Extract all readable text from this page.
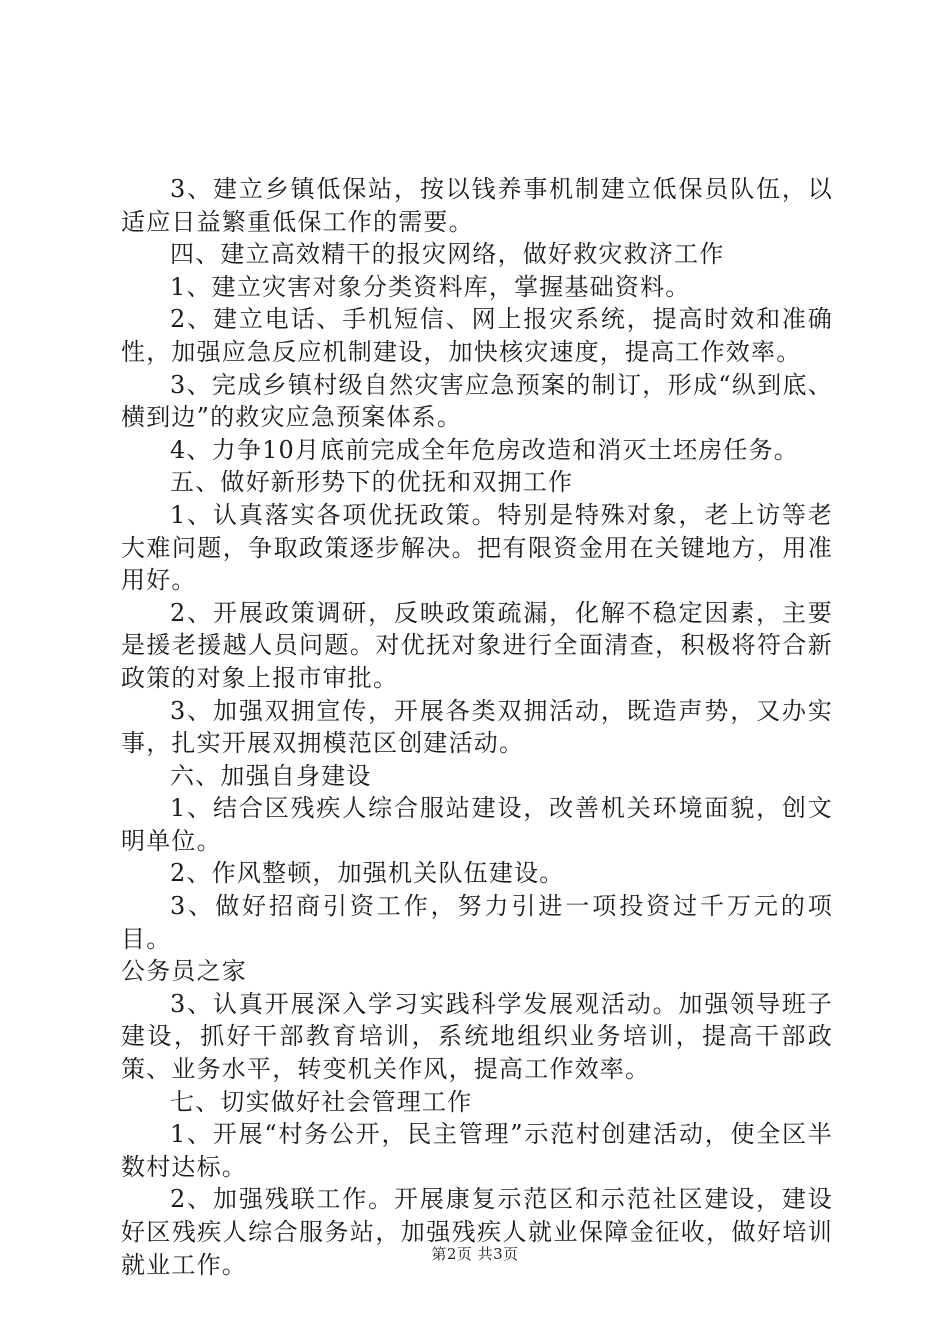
3、建立乡镇低保站，按以钱养事机制建立低保员队伍，以适应日益繁重低保工作的需要。

四、建立高效精干的报灾网络，做好救灾救济工作

1、建立灾害对象分类资料库，掌握基础资料。

2、建立电话、手机短信、网上报灾系统，提高时效和准确性，加强应急反应机制建设，加快核灾速度，提高工作效率。

3、完成乡镇村级自然灾害应急预案的制订，形成“纵到底、横到边”的救灾应急预案体系。

4、力争10月底前完成全年危房改造和消灭土坯房任务。

五、做好新形势下的优抚和双拥工作

1、认真落实各项优抚政策。特别是特殊对象，老上访等老大难问题，争取政策逐步解决。把有限资金用在关键地方，用准用好。

2、开展政策调研，反映政策疏漏，化解不稳定因素，主要是援老援越人员问题。对优抚对象进行全面清查，积极将符合新政策的对象上报市审批。

3、加强双拥宣传，开展各类双拥活动，既造声势，又办实事，扎实开展双拥模范区创建活动。

六、加强自身建设

1、结合区残疾人综合服站建设，改善机关环境面貌，创文明单位。

2、作风整顿，加强机关队伍建设。

3、做好招商引资工作，努力引进一项投资过千万元的项目。

公务员之家

3、认真开展深入学习实践科学发展观活动。加强领导班子建设，抓好干部教育培训，系统地组织业务培训，提高干部政策、业务水平，转变机关作风，提高工作效率。

七、切实做好社会管理工作

1、开展“村务公开，民主管理”示范村创建活动，使全区半数村达标。

2、加强残联工作。开展康复示范区和示范社区建设，建设好区残疾人综合服务站，加强残疾人就业保障金征收，做好培训就业工作。	第2页 共3页
